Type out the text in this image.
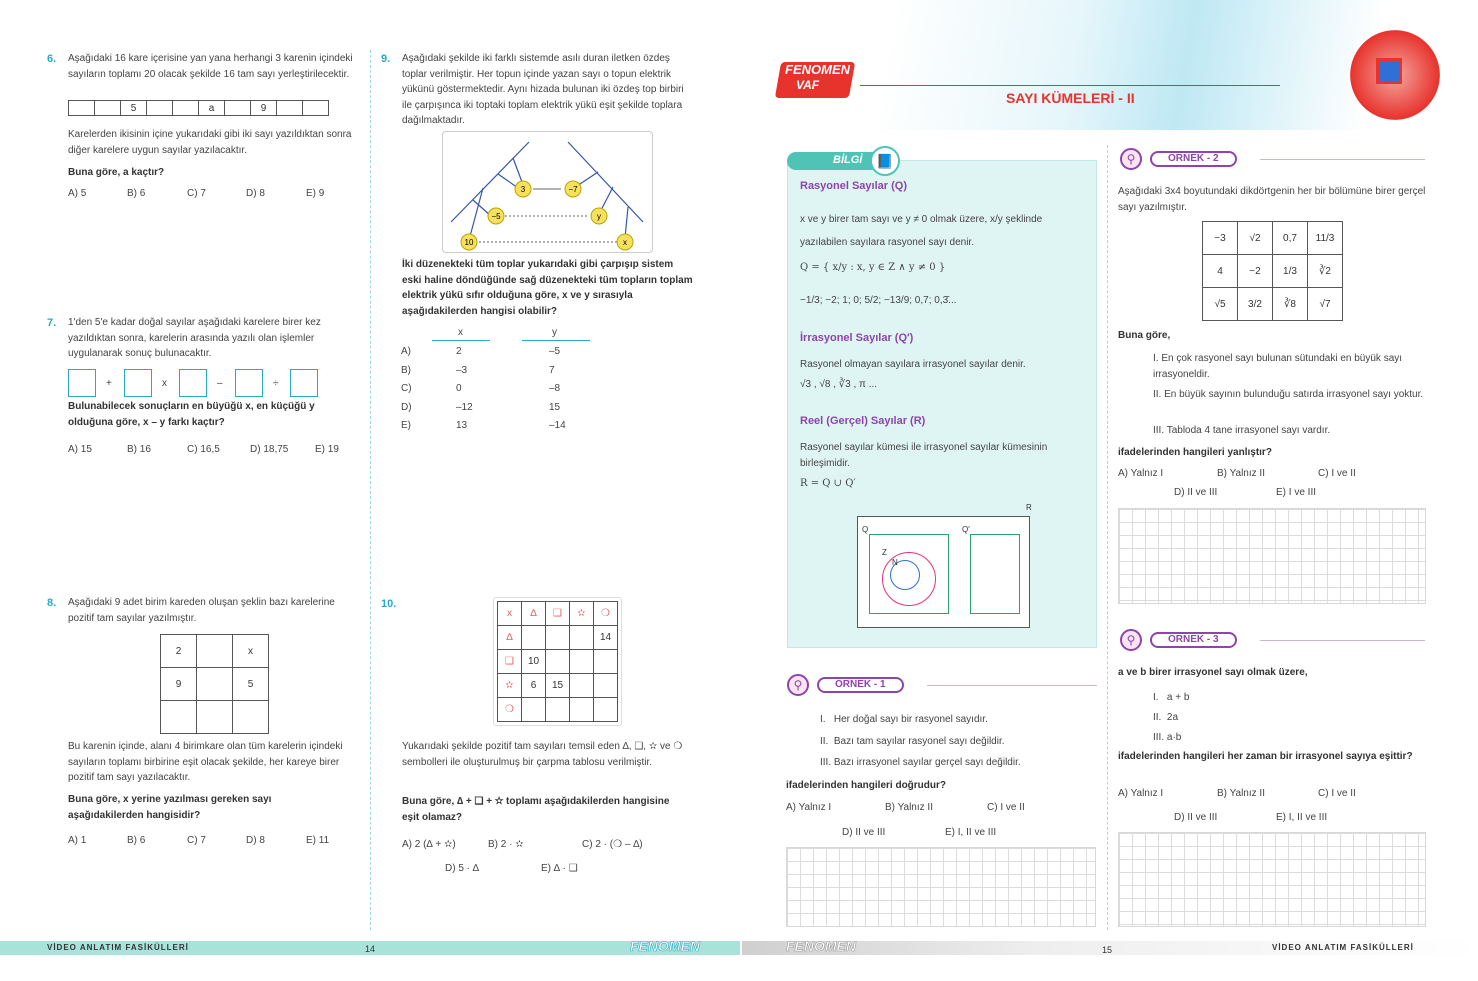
6. Aşağıdaki 16 kare içerisine yan yana herhangi 3 karenin içindeki sayıların toplamı 20 olacak şekilde 16 tam sayı yerleştirilecektir.
		5			a		9		
Karelerden ikisinin içine yukarıdaki gibi iki sayı yazıldıktan sonra diğer karelere uygun sayılar yazılacaktır.
Buna göre, a kaçtır?
A) 5	B) 6	C) 7	D) 8	E) 9
7. 1'den 5'e kadar doğal sayılar aşağıdaki karelere birer kez yazıldıktan sonra, karelerin arasında yazılı olan işlemler uygulanarak sonuç bulunacaktır.
+	x	–	÷
Bulunabilecek sonuçların en büyüğü x, en küçüğü y olduğuna göre, x – y farkı kaçtır?
A) 15	B) 16	C) 16,5	D) 18,75	E) 19
8. Aşağıdaki 9 adet birim kareden oluşan şeklin bazı karelerine pozitif tam sayılar yazılmıştır.
2		x
9		5

Bu karenin içinde, alanı 4 birimkare olan tüm karelerin içindeki sayıların toplamı birbirine eşit olacak şekilde, her kareye birer pozitif tam sayı yazılacaktır.
Buna göre, x yerine yazılması gereken sayı aşağıdakilerden hangisidir?
A) 1	B) 6	C) 7	D) 8	E) 11
9. Aşağıdaki şekilde iki farklı sistemde asılı duran iletken özdeş toplar verilmiştir. Her topun içinde yazan sayı o topun elektrik yükünü göstermektedir. Aynı hizada bulunan iki özdeş top birbiri ile çarpışınca iki toptaki toplam elektrik yükü eşit şekilde toplara dağılmaktadır.
3	−7
−5	y
10	x
İki düzenekteki tüm toplar yukarıdaki gibi çarpışıp sistem eski haline döndüğünde sağ düzenekteki tüm topların toplam elektrik yükü sıfır olduğuna göre, x ve y sırasıyla aşağıdakilerden hangisi olabilir?
x	y
A)	2	–5
B)	–3	7
C)	0	–8
D)	–12	15
E)	13	–14
10.
x	∆	❑	✫	❍
∆				14
❑	10			
✫	6	15		
❍				
Yukarıdaki şekilde pozitif tam sayıları temsil eden ∆, ❑, ✫ ve ❍ sembolleri ile oluşturulmuş bir çarpma tablosu verilmiştir.
Buna göre, ∆ + ❑ + ✫ toplamı aşağıdakilerden hangisine eşit olamaz?
A) 2 (∆ + ✫)	B) 2 · ✫	C) 2 · (❍ – ∆)
D) 5 · ∆	E) ∆ · ❑
VİDEO ANLATIM FASİKÜLLERİ	14	FENOMEN
FENOMEN
VAF
SAYI KÜMELERİ - II
BİLGİ 📘
Rasyonel Sayılar (Q)
x ve y birer tam sayı ve y ≠ 0 olmak üzere, x/y şeklinde yazılabilen sayılara rasyonel sayı denir.
Q = { x/y : x, y ∈ Z ∧ y ≠ 0 }
−1/3; −2; 1; 0; 5/2; −13/9; 0,7; 0,3̄...
İrrasyonel Sayılar (Q′)
Rasyonel olmayan sayılara irrasyonel sayılar denir.
√3 , √8 , ∛3 , π ...
Reel (Gerçel) Sayılar (R)
Rasyonel sayılar kümesi ile irrasyonel sayılar kümesinin birleşimidir.
R = Q ∪ Q′
R
Q	Q′
Z
N
⚲	ÖRNEK - 1
I.   Her doğal sayı bir rasyonel sayıdır.
II.  Bazı tam sayılar rasyonel sayı değildir.
III. Bazı irrasyonel sayılar gerçel sayı değildir.
ifadelerinden hangileri doğrudur?
A) Yalnız I	B) Yalnız II	C) I ve II
D) II ve III	E) I, II ve III
⚲	ÖRNEK - 2
Aşağıdaki 3x4 boyutundaki dikdörtgenin her bir bölümüne birer gerçel sayı yazılmıştır.
−3	√2	0,7	11/3
4	−2	1/3	∛2
√5	3/2	∛8	√7
Buna göre,
I. En çok rasyonel sayı bulunan sütundaki en büyük sayı irrasyoneldir.
II. En büyük sayının bulunduğu satırda irrasyonel sayı yoktur.
III. Tabloda 4 tane irrasyonel sayı vardır.
ifadelerinden hangileri yanlıştır?
A) Yalnız I	B) Yalnız II	C) I ve II
D) II ve III	E) I ve III
⚲	ÖRNEK - 3
a ve b birer irrasyonel sayı olmak üzere,
I.   a + b
II.  2a
III. a·b
ifadelerinden hangileri her zaman bir irrasyonel sayıya eşittir?
A) Yalnız I	B) Yalnız II	C) I ve II
D) II ve III	E) I, II ve III
FENOMEN	15	VİDEO ANLATIM FASİKÜLLERİ
